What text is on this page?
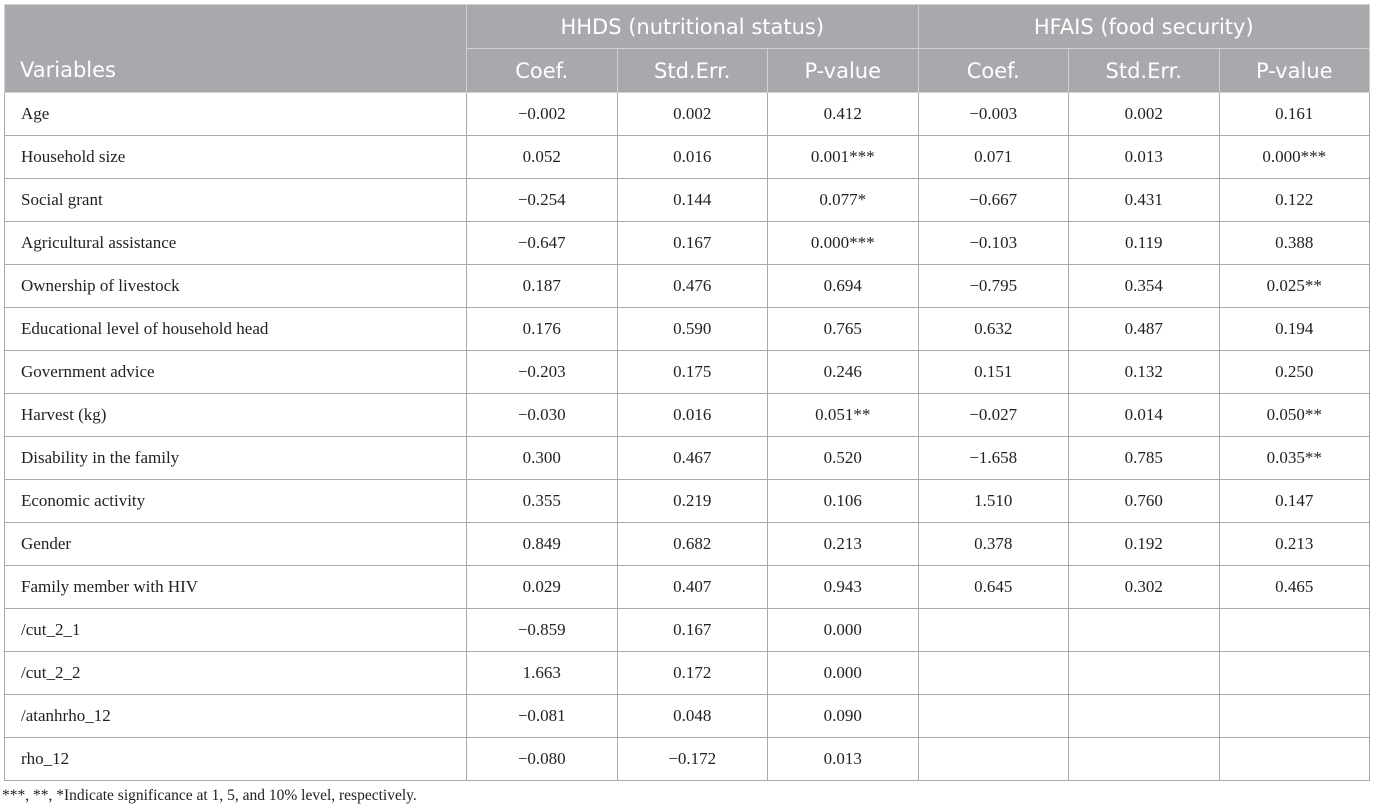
	HHDS (nutritional status)			HFAIS (food security)		
Variables	Coef.	Std.Err.	P-value	Coef.	Std.Err.	P-value
Age	−0.002	0.002	0.412	−0.003	0.002	0.161
Household size	0.052	0.016	0.001***	0.071	0.013	0.000***
Social grant	−0.254	0.144	0.077*	−0.667	0.431	0.122
Agricultural assistance	−0.647	0.167	0.000***	−0.103	0.119	0.388
Ownership of livestock	0.187	0.476	0.694	−0.795	0.354	0.025**
Educational level of household head	0.176	0.590	0.765	0.632	0.487	0.194
Government advice	−0.203	0.175	0.246	0.151	0.132	0.250
Harvest (kg)	−0.030	0.016	0.051**	−0.027	0.014	0.050**
Disability in the family	0.300	0.467	0.520	−1.658	0.785	0.035**
Economic activity	0.355	0.219	0.106	1.510	0.760	0.147
Gender	0.849	0.682	0.213	0.378	0.192	0.213
Family member with HIV	0.029	0.407	0.943	0.645	0.302	0.465
/cut_2_1	−0.859	0.167	0.000			
/cut_2_2	1.663	0.172	0.000			
/atanhrho_12	−0.081	0.048	0.090			
rho_12	−0.080	−0.172	0.013			
***, **, *Indicate significance at 1, 5, and 10% level, respectively.
